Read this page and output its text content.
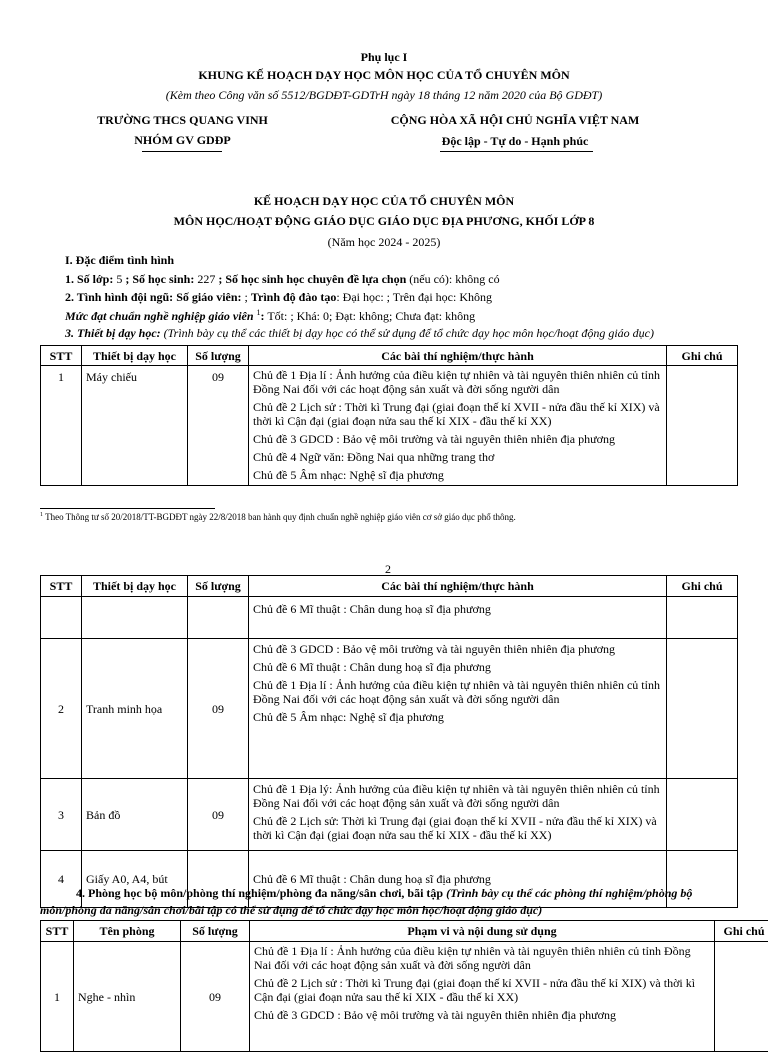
Phụ lục I
KHUNG KẾ HOẠCH DẠY HỌC MÔN HỌC CỦA TỔ CHUYÊN MÔN
(Kèm theo Công văn số 5512/BGDĐT-GDTrH ngày 18 tháng 12 năm 2020 của Bộ GDĐT)
TRƯỜNG THCS QUANG VINH
NHÓM GV GDĐP
CỘNG HÒA XÃ HỘI CHỦ NGHĨA VIỆT NAM
Độc lập - Tự do - Hạnh phúc
KẾ HOẠCH DẠY HỌC CỦA TỔ CHUYÊN MÔN
MÔN HỌC/HOẠT ĐỘNG GIÁO DỤC GIÁO DỤC ĐỊA PHƯƠNG, KHỐI LỚP 8
(Năm học 2024 - 2025)
I. Đặc điểm tình hình
1. Số lớp: 5 ; Số học sinh: 227 ; Số học sinh học chuyên đề lựa chọn (nếu có): không có
2. Tình hình đội ngũ: Số giáo viên: ; Trình độ đào tạo: Đại học: ; Trên đại học: Không
Mức đạt chuẩn nghề nghiệp giáo viên $^1$: Tốt: ; Khá: 0; Đạt: không; Chưa đạt: không
3. Thiết bị dạy học: (Trình bày cụ thể các thiết bị dạy học có thể sử dụng để tổ chức dạy học môn học/hoạt động giáo dục)
STT	Thiết bị dạy học	Số lượng	Các bài thí nghiệm/thực hành	Ghi chú
1	Máy chiếu	09	Chủ đề 1 Địa lí : Ảnh hưởng của điều kiện tự nhiên và tài nguyên thiên nhiên củ tỉnh Đồng Nai đối với các hoạt động sản xuất và đời sống người dân
Chủ đề 2 Lịch sử : Thời kì Trung đại (giai đoạn thế kỉ XVII - nửa đầu thế kỉ XIX) và thời kì Cận đại (giai đoạn nửa sau thế kỉ XIX - đầu thế kỉ XX)
Chủ đề 3 GDCD : Bảo vệ môi trường và tài nguyên thiên nhiên địa phương
Chủ đề 4 Ngữ văn: Đồng Nai qua những trang thơ
Chủ đề 5 Âm nhạc: Nghệ sĩ địa phương	

$^1$ Theo Thông tư số 20/2018/TT-BGDĐT ngày 22/8/2018 ban hành quy định chuẩn nghề nghiệp giáo viên cơ sở giáo dục phổ thông.
2
STT	Thiết bị dạy học	Số lượng	Các bài thí nghiệm/thực hành	Ghi chú

			Chủ đề 6 Mĩ thuật : Chân dung hoạ sĩ địa phương	

2	Tranh minh họa	09	Chủ đề 3 GDCD : Bảo vệ môi trường và tài nguyên thiên nhiên địa phương
Chủ đề 6 Mĩ thuật : Chân dung hoạ sĩ địa phương
Chủ đề 1 Địa lí : Ảnh hưởng của điều kiện tự nhiên và tài nguyên thiên nhiên củ tỉnh Đồng Nai đối với các hoạt động sản xuất và đời sống người dân
Chủ đề 5 Âm nhạc: Nghệ sĩ địa phương	

3	Bản đồ	09	Chủ đề 1 Địa lý: Ảnh hưởng của điều kiện tự nhiên và tài nguyên thiên nhiên củ tỉnh Đồng Nai đối với các hoạt động sản xuất và đời sống người dân
Chủ đề 2 Lịch sử: Thời kì Trung đại (giai đoạn thế kỉ XVII - nửa đầu thế kỉ XIX) và thời kì Cận đại (giai đoạn nửa sau thế kỉ XIX - đầu thế kỉ XX)	

4	Giấy A0, A4, bút		Chủ đề 6 Mĩ thuật : Chân dung hoạ sĩ địa phương	

4. Phòng học bộ môn/phòng thí nghiệm/phòng đa năng/sân chơi, bãi tập (Trình bày cụ thể các phòng thí nghiệm/phòng bộ môn/phòng đa năng/sân chơi/bãi tập có thể sử dụng để tổ chức dạy học môn học/hoạt động giáo dục)
STT	Tên phòng	Số lượng	Phạm vi và nội dung sử dụng	Ghi chú
1	Nghe - nhìn	09	Chủ đề 1 Địa lí : Ảnh hưởng của điều kiện tự nhiên và tài nguyên thiên nhiên củ tỉnh Đồng Nai đối với các hoạt động sản xuất và đời sống người dân
Chủ đề 2 Lịch sử : Thời kì Trung đại (giai đoạn thế kỉ XVII - nửa đầu thế kỉ XIX) và thời kì Cận đại (giai đoạn nửa sau thế kỉ XIX - đầu thế kỉ XX)
Chủ đề 3 GDCD : Bảo vệ môi trường và tài nguyên thiên nhiên địa phương	
